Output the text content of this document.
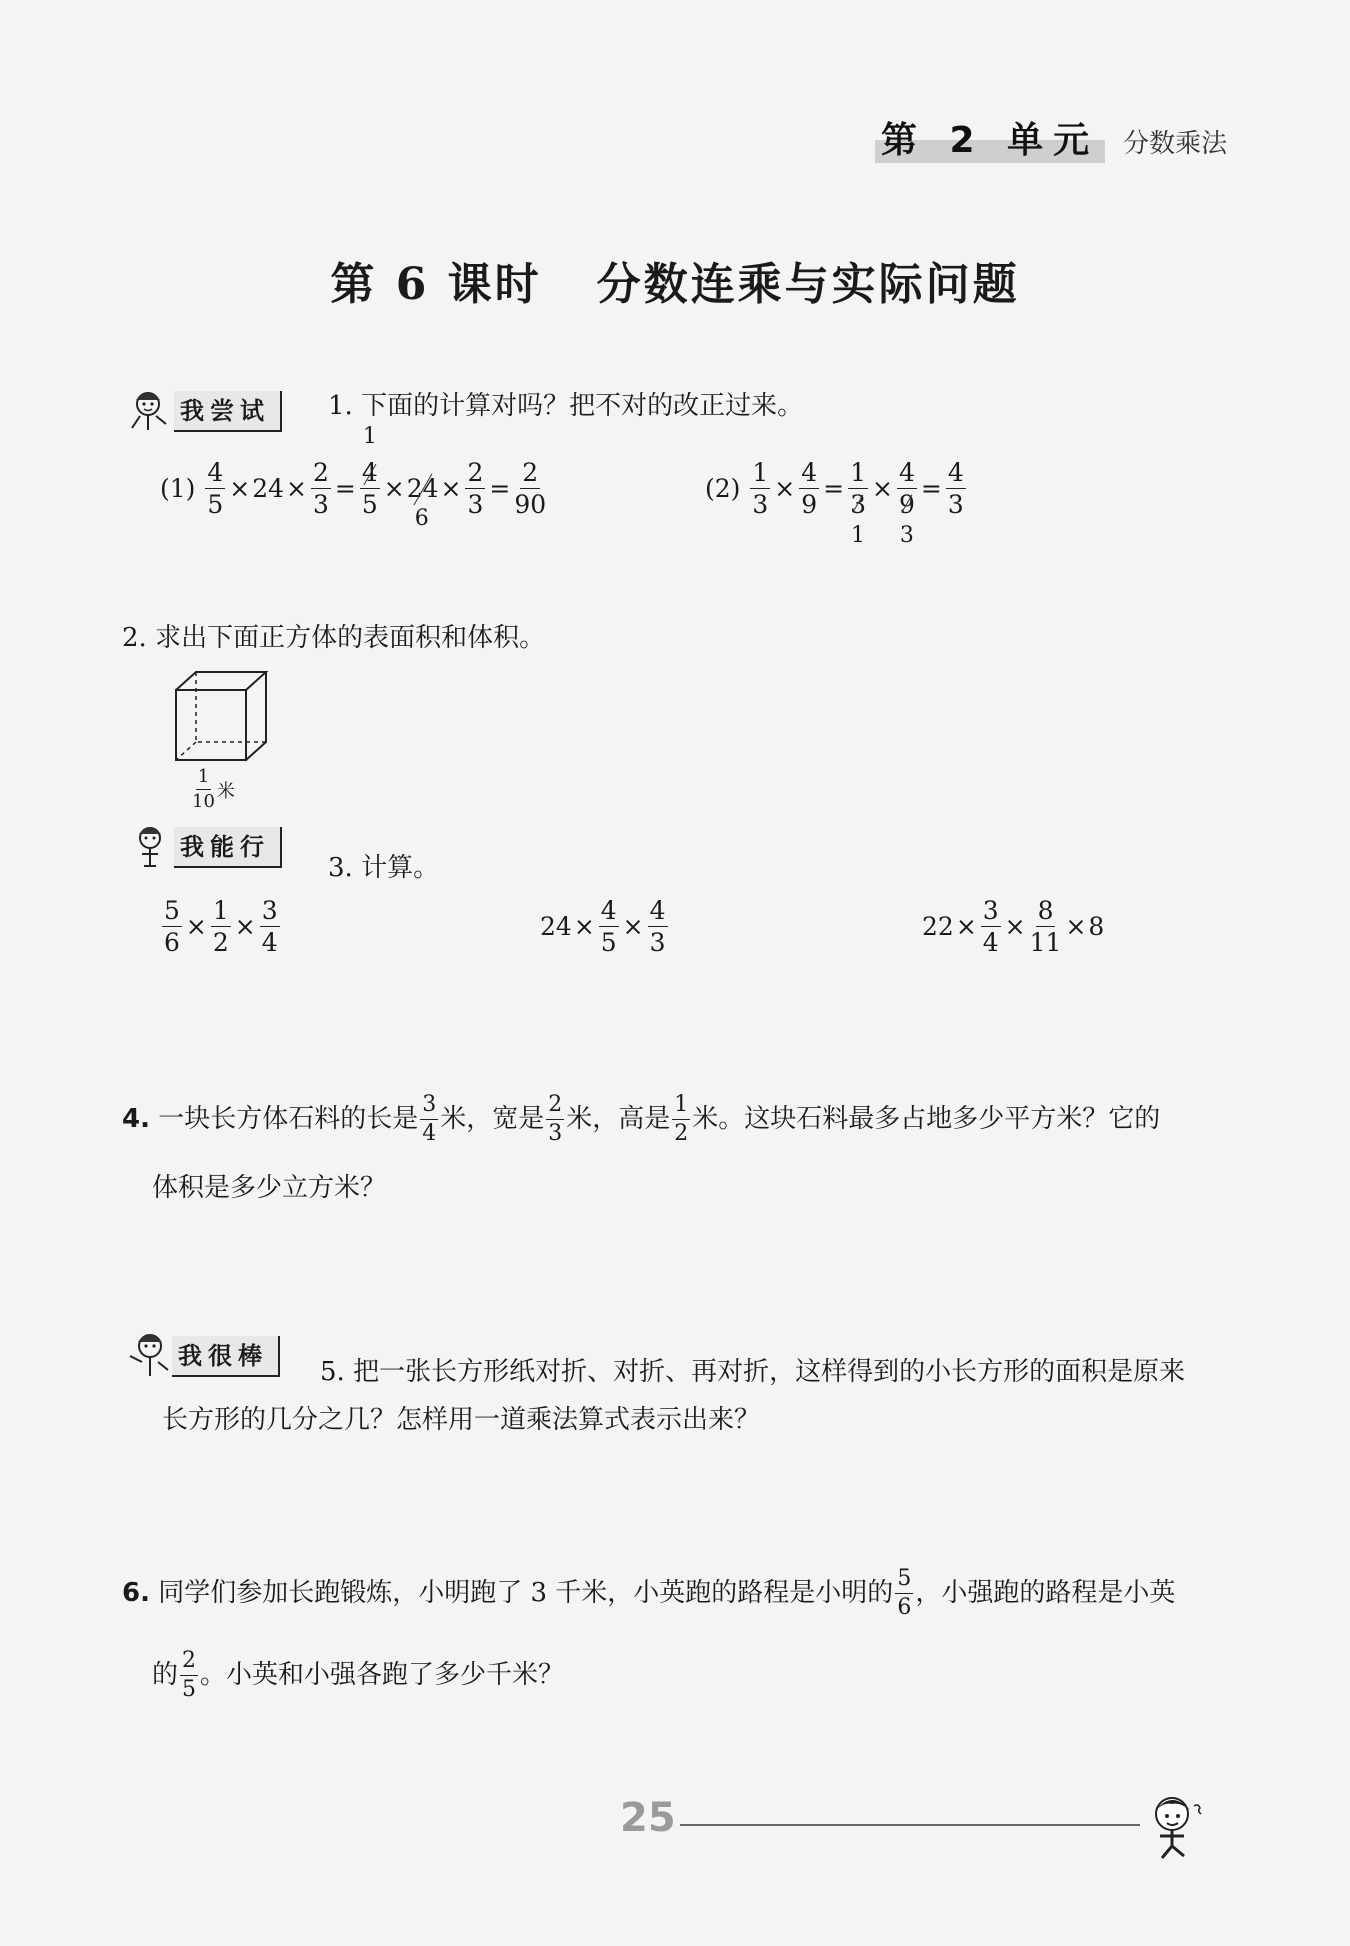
第 2 单元 分数乘法
第 6 课时   分数连乘与实际问题
我尝试	1. 下面的计算对吗？把不对的改正过来。
(1)
$\frac{4}{5} \times 24 \times \frac{2}{3}$ =
1
4
5
× 24
6
× $\frac{2}{3} = \frac{2}{90}$	(2)
$\frac{1}{3} \times \frac{4}{9}$ =
1
3
1
×
4
9
3
= $\frac{4}{3}$
2. 求出下面正方体的表面积和体积。
$\frac{1}{10}$ 米
我能行
3. 计算。
$\frac{5}{6} \times \frac{1}{2} \times \frac{3}{4}$	$24 \times \frac{4}{5} \times \frac{4}{3}$	$22 \times \frac{3}{4} \times \frac{8}{11} \times 8$
4.
一块长方体石料的长是 $\frac{3}{4}$ 米，宽是 $\frac{2}{3}$ 米，高是 $\frac{1}{2}$ 米。这块石料最多占地多少平方米？它的
体积是多少立方米？
我很棒
5. 把一张长方形纸对折、对折、再对折，这样得到的小长方形的面积是原来
长方形的几分之几？怎样用一道乘法算式表示出来？
6.
同学们参加长跑锻炼，小明跑了 3 千米，小英跑的路程是小明的 $\frac{5}{6}$ ，小强跑的路程是小英
的 $\frac{2}{5}$ 。小英和小强各跑了多少千米？
25
